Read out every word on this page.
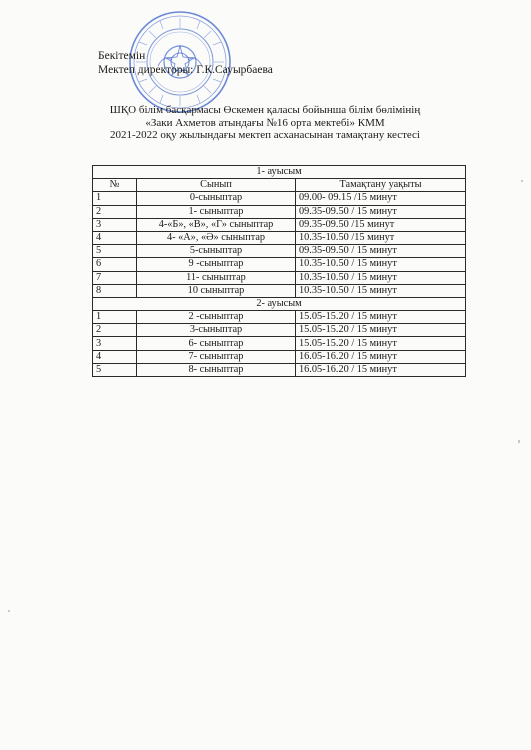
Бекітемін
Мектеп директоры: Г.К.Сауырбаева
ШҚО білім басқармасы Өскемен қаласы бойынша білім бөлімінің
«Заки Ахметов атындағы №16 орта мектебі» КММ
2021-2022 оқу жылындағы мектеп асханасынан тамақтану кестесі
1- ауысым		
№	Сынып	Тамақтану уақыты
1	0-сыныптар	09.00- 09.15 /15 минут
2	1- сыныптар	09.35-09.50 / 15 минут
3	4-«Б», «В», «Г» сыныптар	09.35-09.50 /15 минут
4	4- «А», «Ә» сыныптар	10.35-10.50 /15 минут
5	5-сыныптар	09.35-09.50 / 15 минут
6	9 -сыныптар	10.35-10.50 / 15 минут
7	11- сыныптар	10.35-10.50 / 15 минут
8	10 сыныптар	10.35-10.50 / 15 минут
2- ауысым		
1	2 -сыныптар	15.05-15.20 / 15 минут
2	3-сыныптар	15.05-15.20 / 15 минут
3	6- сыныптар	15.05-15.20 / 15 минут
4	7- сыныптар	16.05-16.20 / 15 минут
5	8- сыныптар	16.05-16.20 / 15 минут
